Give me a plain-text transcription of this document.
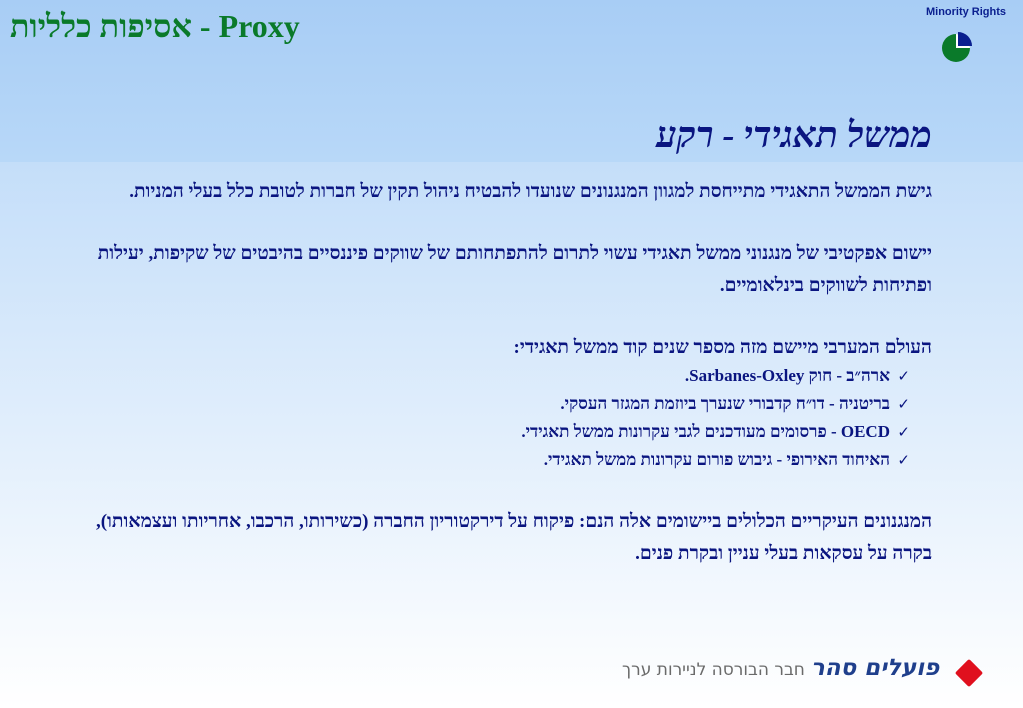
אסיפות כלליות - Proxy	Minority Rights
ממשל תאגידי - רקע

גישת הממשל התאגידי מתייחסת למגוון המנגנונים שנועדו להבטיח ניהול תקין של חברות לטובת כלל בעלי המניות.

יישום אפקטיבי של מנגנוני ממשל תאגידי עשוי לתרום להתפתחותם של שווקים פיננסיים בהיבטים של שקיפות, יעילות ופתיחות לשווקים בינלאומיים.

העולם המערבי מיישם מזה מספר שנים קוד ממשל תאגידי:

✓ארה״ב - חוק Sarbanes-Oxley.
✓בריטניה - דו״ח קדבורי שנערך ביוזמת המגזר העסקי.
✓OECD - פרסומים מעודכנים לגבי עקרונות ממשל תאגידי.
✓האיחוד האירופי - גיבוש פורום עקרונות ממשל תאגידי.

המנגנונים העיקריים הכלולים ביישומים אלה הנם: פיקוח על דירקטוריון החברה (כשירותו, הרכבו, אחריותו ועצמאותו), בקרה על עסקאות בעלי עניין ובקרת פנים.

פועלים סהרחבר הבורסה לניירות ערך
